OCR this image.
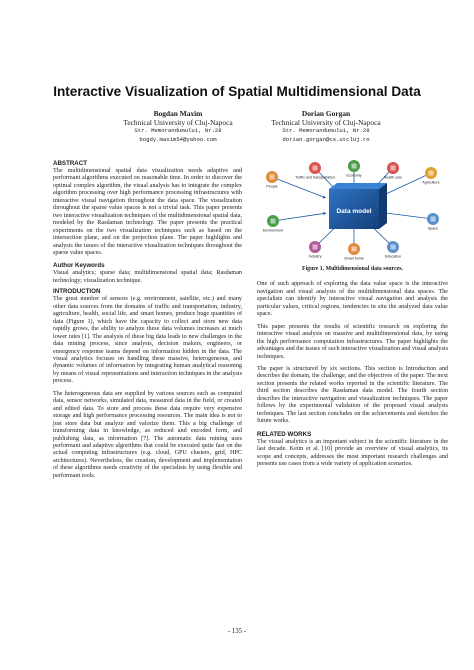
Interactive Visualization of Spatial Multidimensional Data
Bogdan Maxim
Technical University of Cluj-Napoca
Str. Memorandumului, Nr.28
bogdy.maxim54@yahoo.com
Dorian Gorgan
Technical University of Cluj-Napoca
Str. Memorandumului, Nr.28
dorian.gorgan@cs.utcluj.ro
ABSTRACT

The multidimensional spatial data visualization needs adaptive and performant algorithms executed on reasonable time. In order to discover the optimal complex algorithm, the visual analysis has to integrate the complex algorithm processing over high performance processing infrastructures with interactive visual navigation throughout the data space. The visualization throughout the sparse value spaces is not a trivial task. This paper presents two interactive visualization techniques of the multidimensional spatial data, modeled by the Rasdaman technology. The paper presents the practical experiments on the two visualization techniques such as based on the intersection plane, and on the projection plane. The paper highlights and analysis the issues of the interactive visualization techniques throughout the sparse value spaces.

Author Keywords

Visual analytics; sparse data; multidimensional spatial data; Rasdaman technology; visualization technique.

INTRODUCTION

The great number of sensors (e.g. environment, satellite, etc.) and many other data sources from the domains of traffic and transportation, industry, agriculture, health, social life, and smart homes, produce huge quantities of data (Figure 1), which have the capacity to collect and store new data rapidly grows, the ability to analyze these data volumes increases at much lower rates [1]. The analysis of these big data leads to new challenges in the data mining process, since analysts, decision makers, engineers, or emergency response teams depend on information hidden in the data. The visual analytics focuses on handling these massive, heterogeneous, and dynamic volumes of information by integrating human analytical reasoning by means of visual representations and interaction techniques in the analysis process.

The heterogeneous data are supplied by various sources such as computed data, sensor networks, simulated data, measured data in the field, or created and edited data. To store and process these data require very expensive storage and high performance processing resources. The main idea is not to just store data but analyze and valorize them. This a big challenge of transforming data in knowledge, as reduced and encoded form, and publishing data, as information [7]. The automatic data mining uses performant and adaptive algorithms that could be executed quite fast on the actual computing infrastructures (e.g. cloud, GPU clusters, grid, HPC architectures). Nevertheless, the creation, development and implementation of these algorithms needs creativity of the specialists by using flexible and performant tools.

Data model
Traffic and transportation	Economy	Health care
Agriculture
People
Space
Environment
Industry	Smart home	Education
Figure 1. Multidimensional data sources.

One of such approach of exploring the data value space is the interactive navigation and visual analysis of the multidimensional data spaces. The specialists can identify by interactive visual navigation and analysis the particular values, critical regions, tendencies in situ the analyzed data value space.

This paper presents the results of scientific research on exploring the interactive visual analysis on massive and multidimensional data, by using the high performance computation infrastructures. The paper highlights the advantages and the issues of such interactive visualization and visual analysis techniques.

The paper is structured by six sections. This section is Introduction and describes the domain, the challenge, and the objectives of the paper. The next section presents the related works reported in the scientific literature. The third section describes the Rasdaman data model. The fourth section describes the interactive navigation and visualization techniques. The paper follows by the experimental validation of the proposed visual analysis techniques. The last section concludes on the achievements and sketches the future works.

RELATED WORKS

The visual analytics is an important subject in the scientific literature in the last decade. Keim et al. [10] provide an overview of visual analytics, its scope and concepts, addresses the most important research challenges and presents use cases from a wide variety of application scenarios.

- 135 -
